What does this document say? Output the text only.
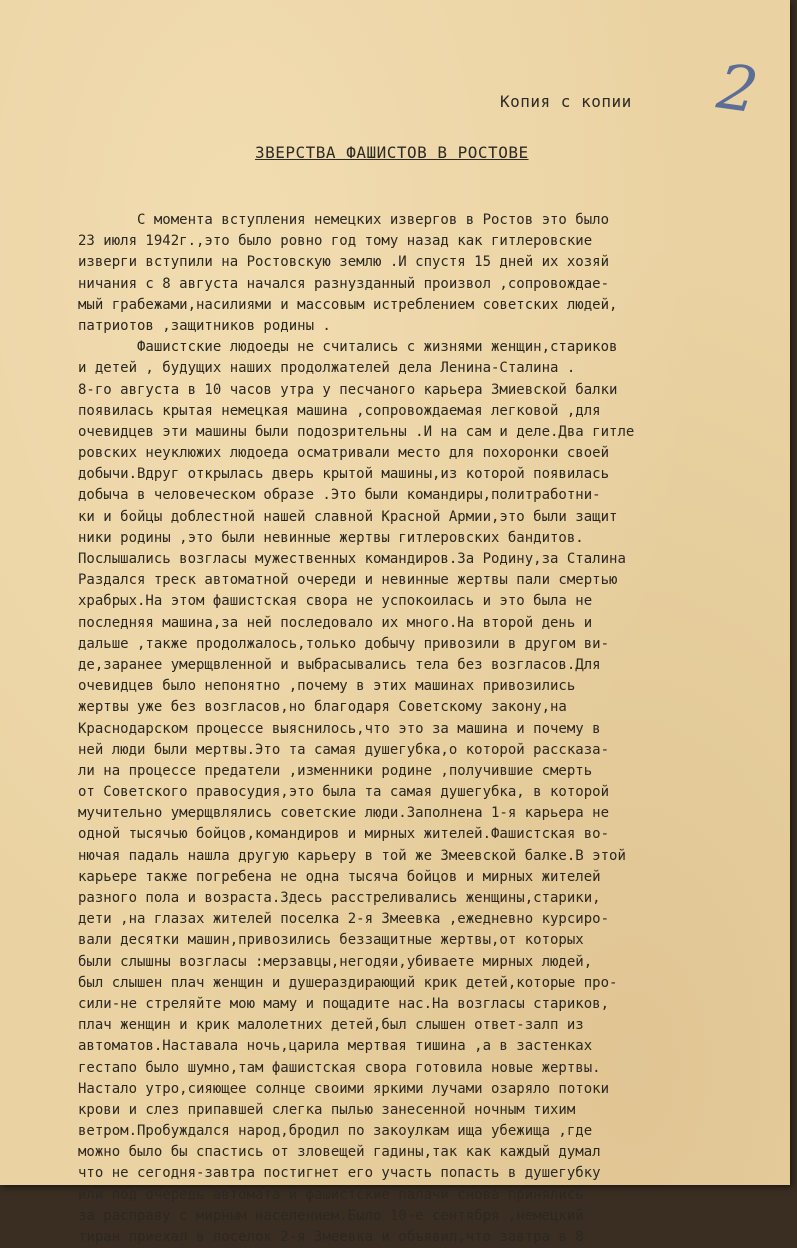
2
Копия с копии
ЗВЕРСТВА ФАШИСТОВ В РОСТОВЕ
С момента вступления немецких извергов в Ростов это было
23 июля 1942г.,это было ровно год тому назад как гитлеровские
изверги вступили на Ростовскую землю .И спустя 15 дней их хозяй
ничания с 8 августа начался разнузданный произвол ,сопровождае-
мый грабежами,насилиями и массовым истреблением советских людей,
патриотов ,защитников родины .
Фашистские людоеды не считались с жизнями женщин,стариков
и детей , будущих наших продолжателей дела Ленина-Сталина .
8-го августа в 10 часов утра у песчаного карьера Змиевской балки
появилась крытая немецкая машина ,сопровождаемая легковой ,для
очевидцев эти машины были подозрительны .И на сам и деле.Два гитле
ровских неуклюжих людоеда осматривали место для похоронки своей
добычи.Вдруг открылась дверь крытой машины,из которой появилась
добыча в человеческом образе .Это были командиры,политработни-
ки и бойцы доблестной нашей славной Красной Армии,это были защит
ники родины ,это были невинные жертвы гитлеровских бандитов.
Послышались возгласы мужественных командиров.За Родину,за Сталина
Раздался треск автоматной очереди и невинные жертвы пали смертью
храбрых.На этом фашистская свора не успокоилась и это была не
последняя машина,за ней последовало их много.На второй день и
дальше ,также продолжалось,только добычу привозили в другом ви-
де,заранее умерщвленной и выбрасывались тела без возгласов.Для
очевидцев было непонятно ,почему в этих машинах привозились
жертвы уже без возгласов,но благодаря Советскому закону,на
Краснодарском процессе выяснилось,что это за машина и почему в
ней люди были мертвы.Это та самая душегубка,о которой рассказа-
ли на процессе предатели ,изменники родине ,получившие смерть
от Советского правосудия,это была та самая душегубка, в которой
мучительно умерщвлялись советские люди.Заполнена 1-я карьера не
одной тысячью бойцов,командиров и мирных жителей.Фашистская во-
нючая падаль нашла другую карьеру в той же Змеевской балке.В этой
карьере также погребена не одна тысяча бойцов и мирных жителей
разного пола и возраста.Здесь расстреливались женщины,старики,
дети ,на глазах жителей поселка 2-я Змеевка ,ежедневно курсиро-
вали десятки машин,привозились беззащитные жертвы,от которых
были слышны возгласы :мерзавцы,негодяи,убиваете мирных людей,
был слышен плач женщин и душераздирающий крик детей,которые про-
сили-не стреляйте мою маму и пощадите нас.На возгласы стариков,
плач женщин и крик малолетних детей,был слышен ответ-залп из
автоматов.Наставала ночь,царила мертвая тишина ,а в застенках
гестапо было шумно,там фашистская свора готовила новые жертвы.
Настало утро,сияющее солнце своими яркими лучами озаряло потоки
крови и слез припавшей слегка пылью занесенной ночным тихим
ветром.Пробуждался народ,бродил по закоулкам ища убежища ,где
можно было бы спастись от зловещей гадины,так как каждый думал
что не сегодня-завтра постигнет его участь попасть в душегубку
или под очередь автомата и фашистские палачи снова принялись
за расправу с мирным населением.Было 10-е сентября ,немецкий
тиран приехал в поселок 2-я Змеевка и объявил,что завтра в 8
